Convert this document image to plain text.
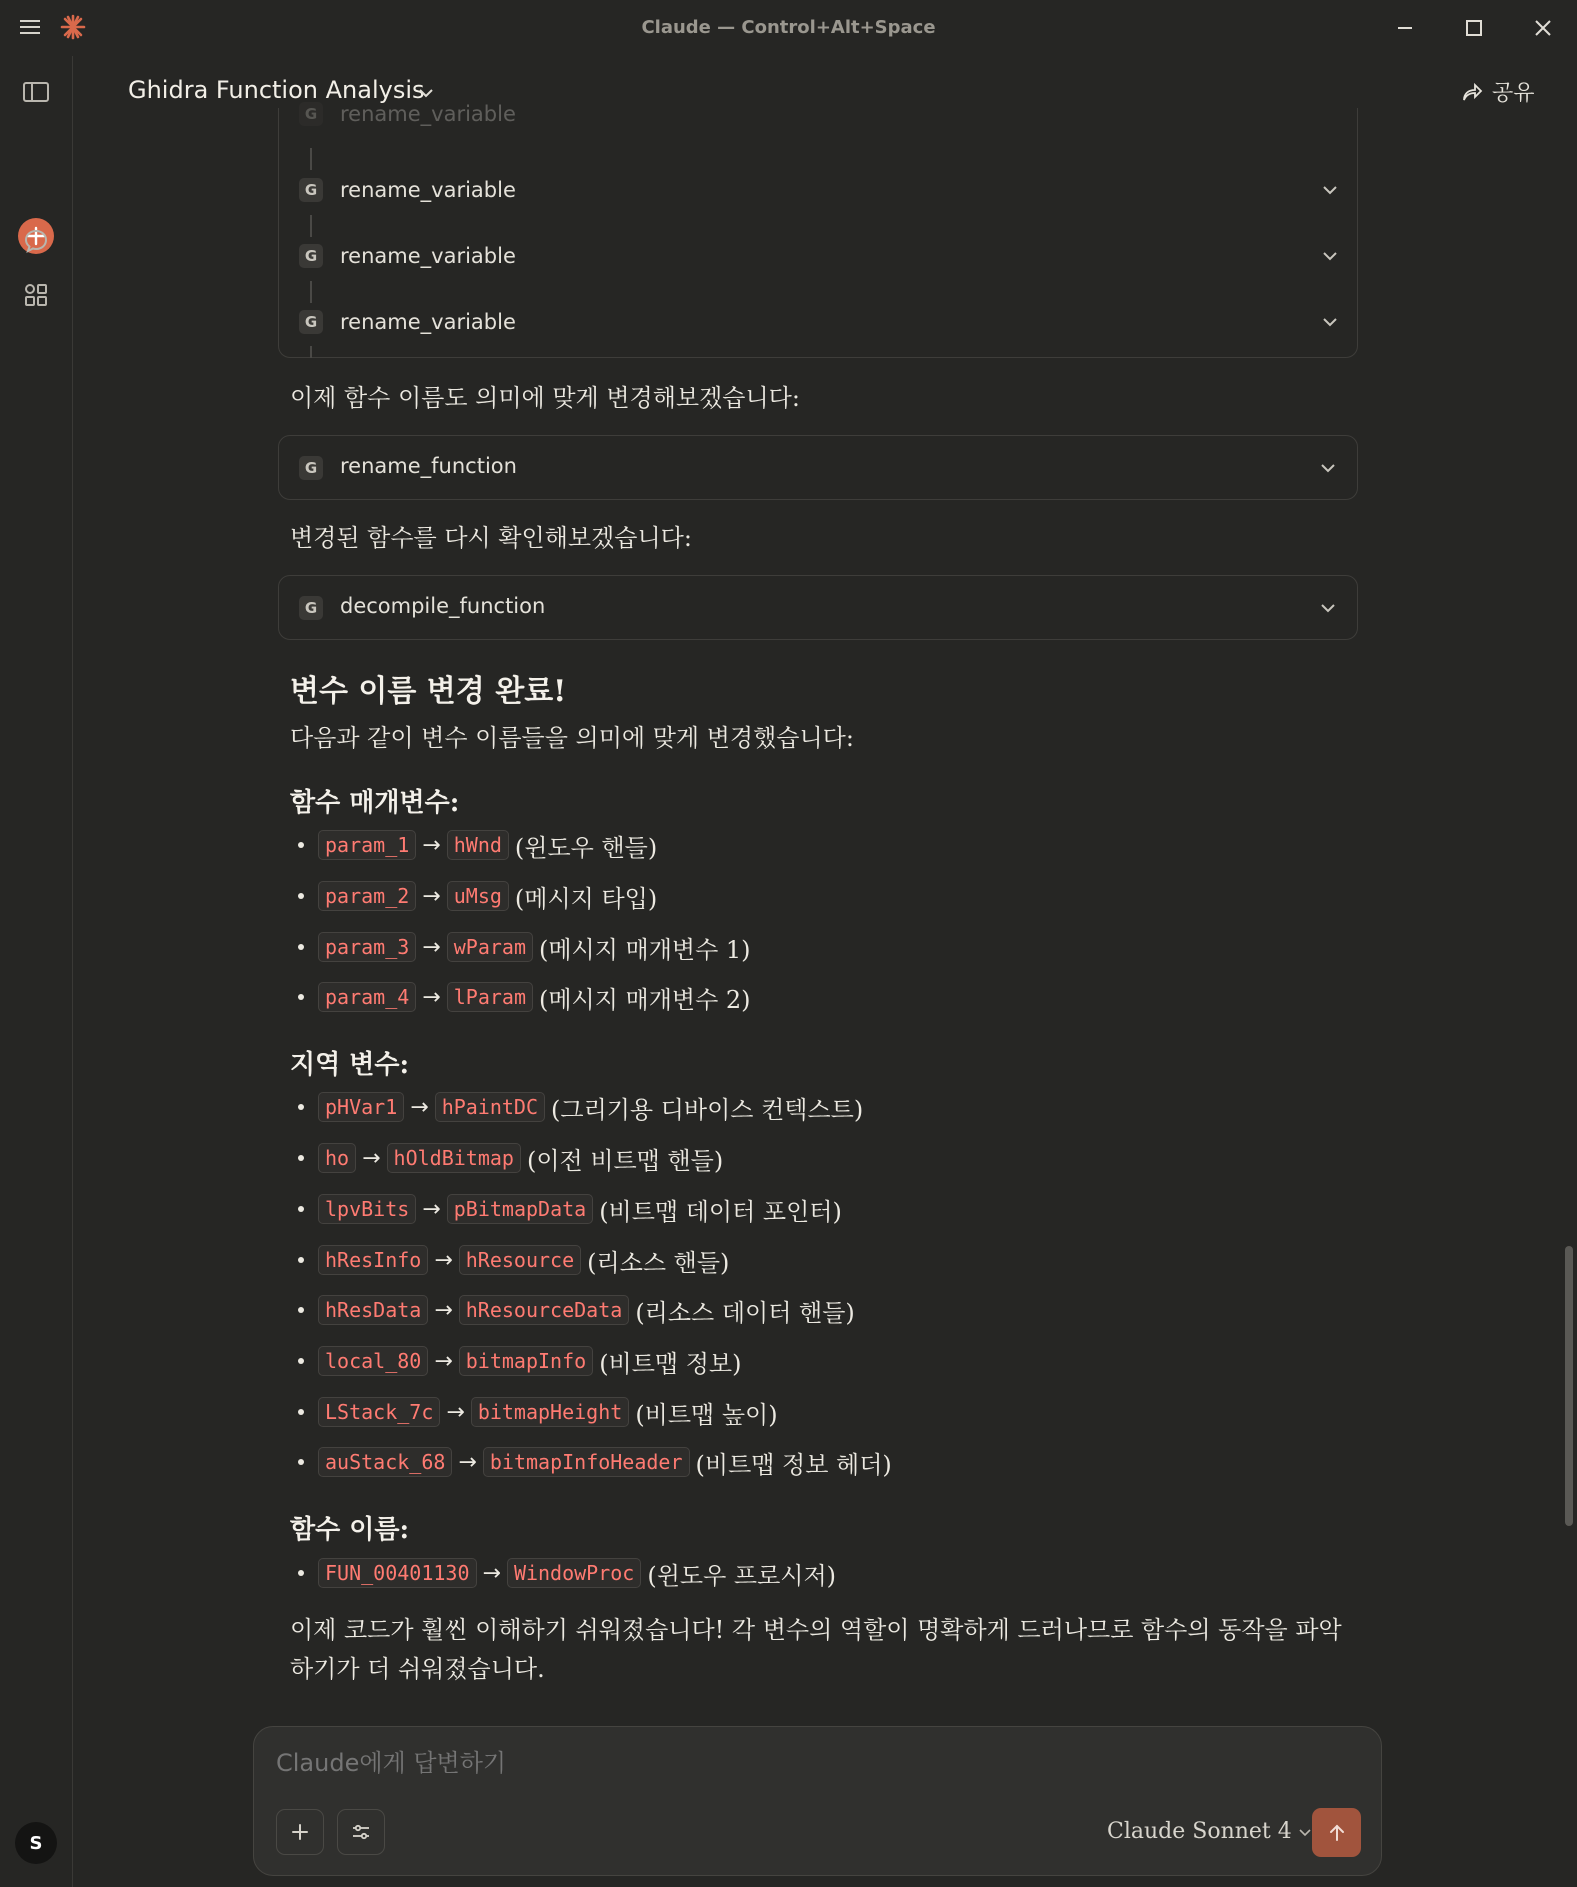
Claude — Control+Alt+Space
S
Ghidra Function Analysis	공유
G rename_variable
G rename_variable
G rename_variable
G rename_variable
이제 함수 이름도 의미에 맞게 변경해보겠습니다:
G rename_function
변경된 함수를 다시 확인해보겠습니다:
G decompile_function
변수 이름 변경 완료!
다음과 같이 변수 이름들을 의미에 맞게 변경했습니다:
함수 매개변수:
param_1 → hWnd (윈도우 핸들)
param_2 → uMsg (메시지 타입)
param_3 → wParam (메시지 매개변수 1)
param_4 → lParam (메시지 매개변수 2)
지역 변수:
pHVar1 → hPaintDC (그리기용 디바이스 컨텍스트)
ho → hOldBitmap (이전 비트맵 핸들)
lpvBits → pBitmapData (비트맵 데이터 포인터)
hResInfo → hResource (리소스 핸들)
hResData → hResourceData (리소스 데이터 핸들)
local_80 → bitmapInfo (비트맵 정보)
LStack_7c → bitmapHeight (비트맵 높이)
auStack_68 → bitmapInfoHeader (비트맵 정보 헤더)
함수 이름:
FUN_00401130 → WindowProc (윈도우 프로시저)
이제 코드가 훨씬 이해하기 쉬워졌습니다! 각 변수의 역할이 명확하게 드러나므로 함수의 동작을 파악
하기가 더 쉬워졌습니다.
Claude에게 답변하기
Claude Sonnet 4
